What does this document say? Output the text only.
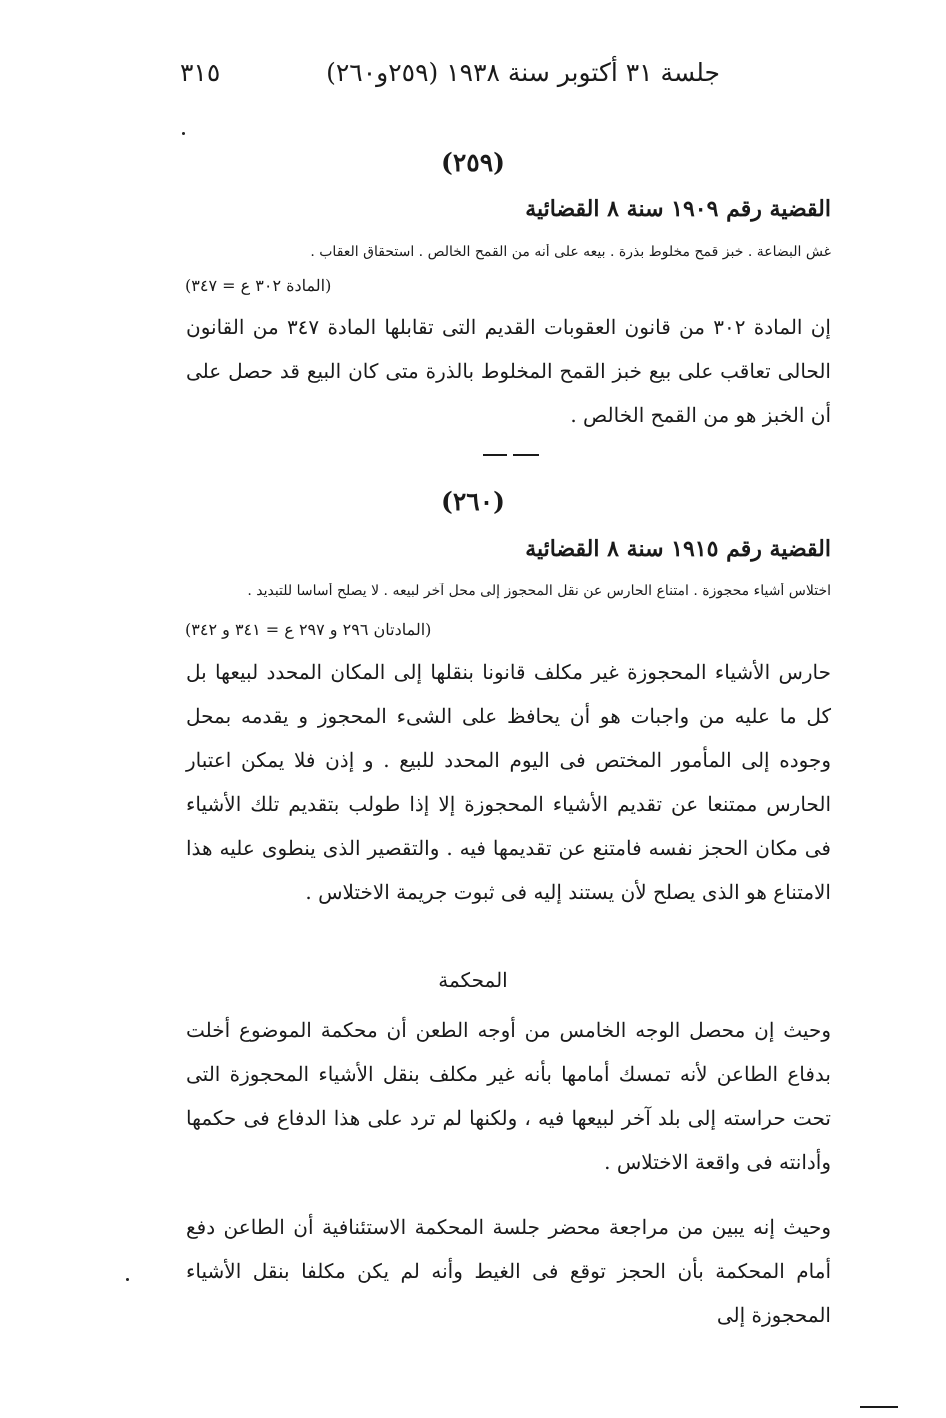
جلسة ٣١ أكتوبر سنة ١٩٣٨ (٢٥٩و٢٦٠)
٣١٥
(٢٥٩)
القضية رقم ١٩٠٩ سنة ٨ القضائية
غش البضاعة . خبز قمح مخلوط بذرة . بيعه على أنه من القمح الخالص . استحقاق العقاب .
(المادة ٣٠٢ ع = ٣٤٧)
إن المادة ٣٠٢ من قانون العقوبات القديم التى تقابلها المادة ٣٤٧ من القانون الحالى تعاقب على بيع خبز القمح المخلوط بالذرة متى كان البيع قد حصل على أن الخبز هو من القمح الخالص .
(٢٦٠)
القضية رقم ١٩١٥ سنة ٨ القضائية
اختلاس أشياء محجوزة . امتناع الحارس عن نقل المحجوز إلى محل آخر لبيعه . لا يصلح أساسا للتبديد .
(المادتان ٢٩٦ و ٢٩٧ ع = ٣٤١ و ٣٤٢)
حارس الأشياء المحجوزة غير مكلف قانونا بنقلها إلى المكان المحدد لبيعها بل كل ما عليه من واجبات هو أن يحافظ على الشىء المحجوز و يقدمه بمحل وجوده إلى المأمور المختص فى اليوم المحدد للبيع . و إذن فلا يمكن اعتبار الحارس ممتنعا عن تقديم الأشياء المحجوزة إلا إذا طولب بتقديم تلك الأشياء فى مكان الحجز نفسه فامتنع عن تقديمها فيه . والتقصير الذى ينطوى عليه هذا الامتناع هو الذى يصلح لأن يستند إليه فى ثبوت جريمة الاختلاس .
المحكمة
وحيث إن محصل الوجه الخامس من أوجه الطعن أن محكمة الموضوع أخلت بدفاع الطاعن لأنه تمسك أمامها بأنه غير مكلف بنقل الأشياء المحجوزة التى تحت حراسته إلى بلد آخر لبيعها فيه ، ولكنها لم ترد على هذا الدفاع فى حكمها وأدانته فى واقعة الاختلاس .
وحيث إنه يبين من مراجعة محضر جلسة المحكمة الاستئنافية أن الطاعن دفع أمام المحكمة بأن الحجز توقع فى الغيط وأنه لم يكن مكلفا بنقل الأشياء المحجوزة إلى
